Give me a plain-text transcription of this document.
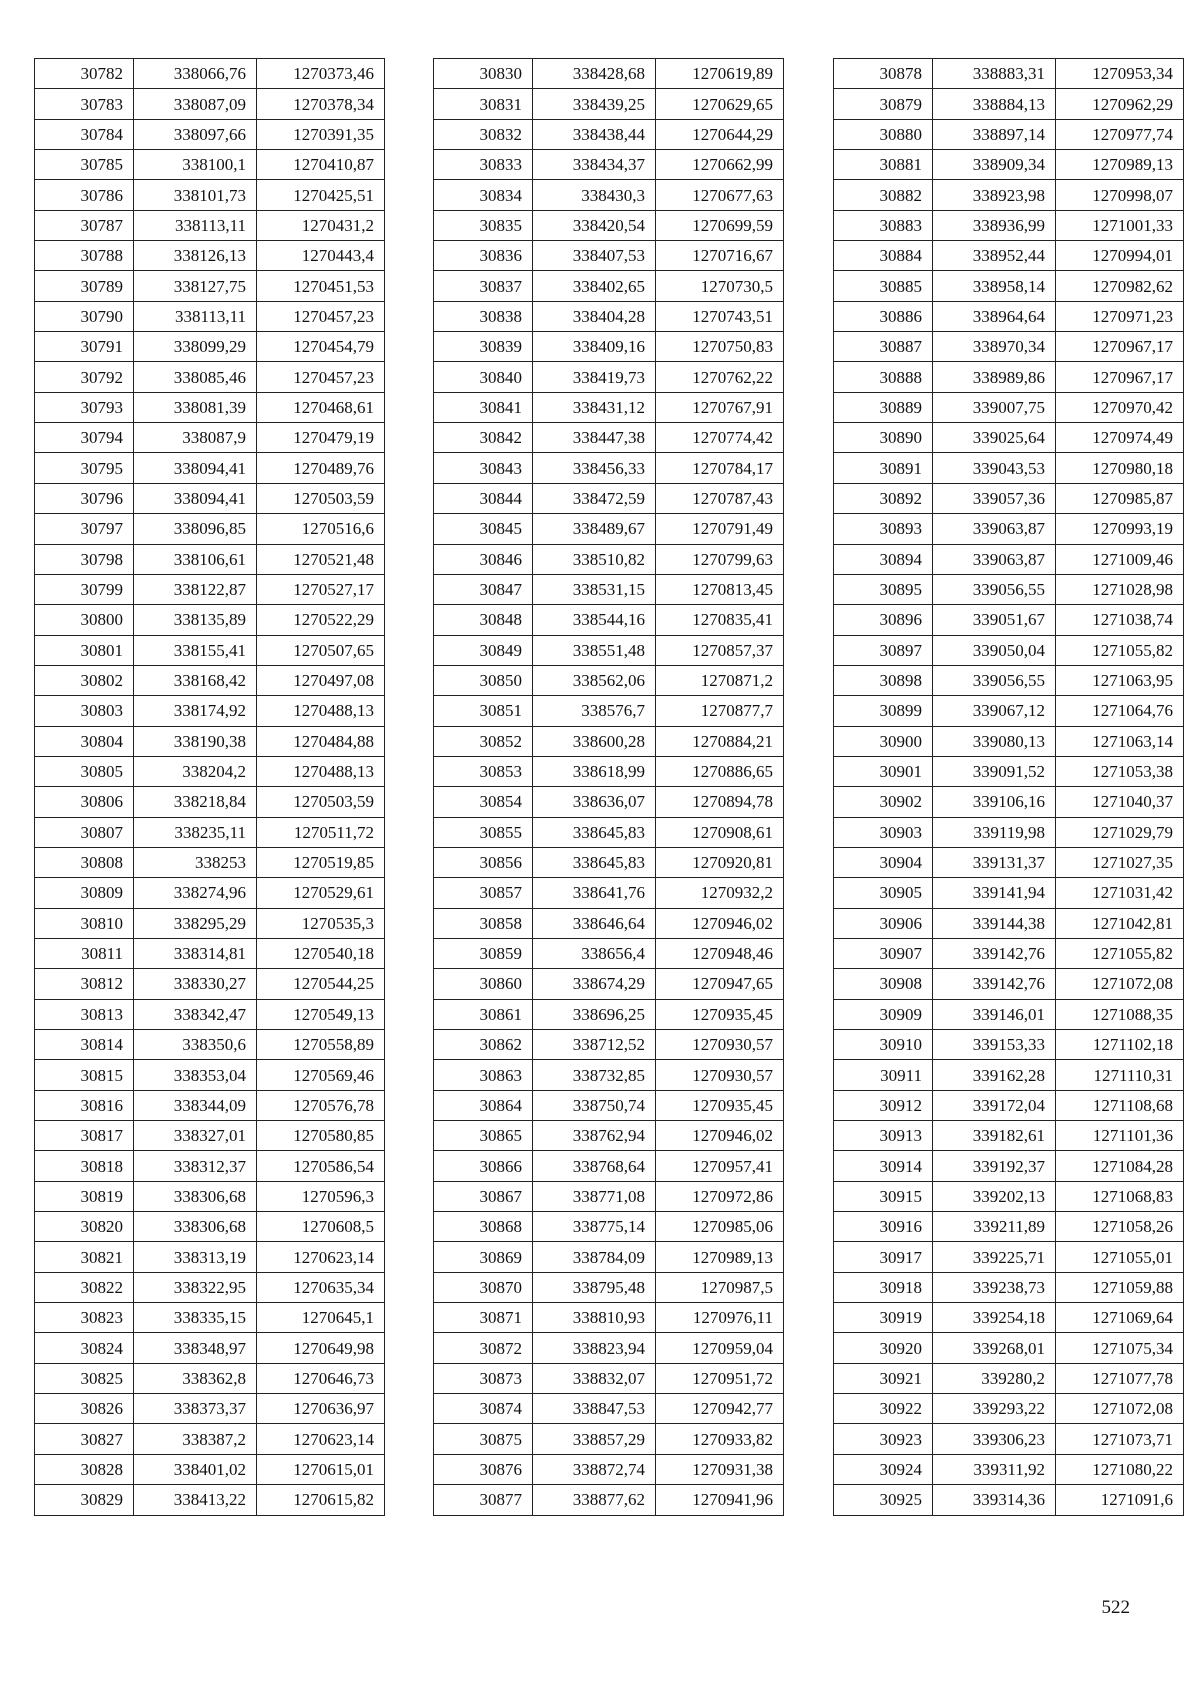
30782	338066,76	1270373,46
30783	338087,09	1270378,34
30784	338097,66	1270391,35
30785	338100,1	1270410,87
30786	338101,73	1270425,51
30787	338113,11	1270431,2
30788	338126,13	1270443,4
30789	338127,75	1270451,53
30790	338113,11	1270457,23
30791	338099,29	1270454,79
30792	338085,46	1270457,23
30793	338081,39	1270468,61
30794	338087,9	1270479,19
30795	338094,41	1270489,76
30796	338094,41	1270503,59
30797	338096,85	1270516,6
30798	338106,61	1270521,48
30799	338122,87	1270527,17
30800	338135,89	1270522,29
30801	338155,41	1270507,65
30802	338168,42	1270497,08
30803	338174,92	1270488,13
30804	338190,38	1270484,88
30805	338204,2	1270488,13
30806	338218,84	1270503,59
30807	338235,11	1270511,72
30808	338253	1270519,85
30809	338274,96	1270529,61
30810	338295,29	1270535,3
30811	338314,81	1270540,18
30812	338330,27	1270544,25
30813	338342,47	1270549,13
30814	338350,6	1270558,89
30815	338353,04	1270569,46
30816	338344,09	1270576,78
30817	338327,01	1270580,85
30818	338312,37	1270586,54
30819	338306,68	1270596,3
30820	338306,68	1270608,5
30821	338313,19	1270623,14
30822	338322,95	1270635,34
30823	338335,15	1270645,1
30824	338348,97	1270649,98
30825	338362,8	1270646,73
30826	338373,37	1270636,97
30827	338387,2	1270623,14
30828	338401,02	1270615,01
30829	338413,22	1270615,82
30830	338428,68	1270619,89
30831	338439,25	1270629,65
30832	338438,44	1270644,29
30833	338434,37	1270662,99
30834	338430,3	1270677,63
30835	338420,54	1270699,59
30836	338407,53	1270716,67
30837	338402,65	1270730,5
30838	338404,28	1270743,51
30839	338409,16	1270750,83
30840	338419,73	1270762,22
30841	338431,12	1270767,91
30842	338447,38	1270774,42
30843	338456,33	1270784,17
30844	338472,59	1270787,43
30845	338489,67	1270791,49
30846	338510,82	1270799,63
30847	338531,15	1270813,45
30848	338544,16	1270835,41
30849	338551,48	1270857,37
30850	338562,06	1270871,2
30851	338576,7	1270877,7
30852	338600,28	1270884,21
30853	338618,99	1270886,65
30854	338636,07	1270894,78
30855	338645,83	1270908,61
30856	338645,83	1270920,81
30857	338641,76	1270932,2
30858	338646,64	1270946,02
30859	338656,4	1270948,46
30860	338674,29	1270947,65
30861	338696,25	1270935,45
30862	338712,52	1270930,57
30863	338732,85	1270930,57
30864	338750,74	1270935,45
30865	338762,94	1270946,02
30866	338768,64	1270957,41
30867	338771,08	1270972,86
30868	338775,14	1270985,06
30869	338784,09	1270989,13
30870	338795,48	1270987,5
30871	338810,93	1270976,11
30872	338823,94	1270959,04
30873	338832,07	1270951,72
30874	338847,53	1270942,77
30875	338857,29	1270933,82
30876	338872,74	1270931,38
30877	338877,62	1270941,96
30878	338883,31	1270953,34
30879	338884,13	1270962,29
30880	338897,14	1270977,74
30881	338909,34	1270989,13
30882	338923,98	1270998,07
30883	338936,99	1271001,33
30884	338952,44	1270994,01
30885	338958,14	1270982,62
30886	338964,64	1270971,23
30887	338970,34	1270967,17
30888	338989,86	1270967,17
30889	339007,75	1270970,42
30890	339025,64	1270974,49
30891	339043,53	1270980,18
30892	339057,36	1270985,87
30893	339063,87	1270993,19
30894	339063,87	1271009,46
30895	339056,55	1271028,98
30896	339051,67	1271038,74
30897	339050,04	1271055,82
30898	339056,55	1271063,95
30899	339067,12	1271064,76
30900	339080,13	1271063,14
30901	339091,52	1271053,38
30902	339106,16	1271040,37
30903	339119,98	1271029,79
30904	339131,37	1271027,35
30905	339141,94	1271031,42
30906	339144,38	1271042,81
30907	339142,76	1271055,82
30908	339142,76	1271072,08
30909	339146,01	1271088,35
30910	339153,33	1271102,18
30911	339162,28	1271110,31
30912	339172,04	1271108,68
30913	339182,61	1271101,36
30914	339192,37	1271084,28
30915	339202,13	1271068,83
30916	339211,89	1271058,26
30917	339225,71	1271055,01
30918	339238,73	1271059,88
30919	339254,18	1271069,64
30920	339268,01	1271075,34
30921	339280,2	1271077,78
30922	339293,22	1271072,08
30923	339306,23	1271073,71
30924	339311,92	1271080,22
30925	339314,36	1271091,6
522
